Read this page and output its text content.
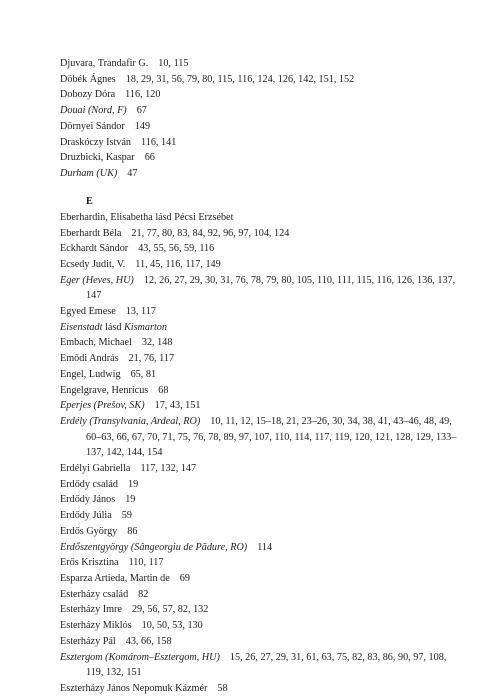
Djuvara, Trandafir G. 10, 115

Döbék Ágnes 18, 29, 31, 56, 79, 80, 115, 116, 124, 126, 142, 151, 152

Dobozy Dóra 116, 120

Douai (Nord, F) 67

Dörnyei Sándor 149

Draskóczy István 116, 141

Druzbicki, Kaspar 66

Durham (UK) 47

E

Eberhardin, Elisabetha lásd Pécsi Erzsébet

Eberhardt Béla 21, 77, 80, 83, 84, 92, 96, 97, 104, 124

Eckhardt Sándor 43, 55, 56, 59, 116

Ecsedy Judit, V. 11, 45, 116, 117, 149

Eger (Heves, HU) 12, 26, 27, 29, 30, 31, 76, 78, 79, 80, 105, 110, 111, 115, 116, 126, 136, 137, 147

Egyed Emese 13, 117

Eisenstadt lásd Kismarton

Embach, Michael 32, 148

Emődi András 21, 76, 117

Engel, Ludwig 65, 81

Engelgrave, Henricus 68

Eperjes (Prešov, SK) 17, 43, 151

Erdély (Transylvania, Ardeal, RO) 10, 11, 12, 15–18, 21, 23–26, 30, 34, 38, 41, 43–46, 48, 49, 60–63, 66, 67, 70, 71, 75, 76, 78, 89, 97, 107, 110, 114, 117, 119, 120, 121, 128, 129, 133–137, 142, 144, 154

Erdélyi Gabriella 117, 132, 147

Erdődy család 19

Erdődy János 19

Erdődy Júlia 59

Erdős György 86

Erdőszentgyörgy (Sângeorgiu de Pădure, RO) 114

Erős Krisztina 110, 117

Esparza Artieda, Martin de 69

Esterházy család 82

Esterházy Imre 29, 56, 57, 82, 132

Esterházy Miklós 10, 50, 53, 130

Esterházy Pál 43, 66, 158

Esztergom (Komárom–Esztergom, HU) 15, 26, 27, 29, 31, 61, 63, 75, 82, 83, 86, 90, 97, 108, 119, 132, 151

Eszterházy János Nepomuk Kázmér 58
